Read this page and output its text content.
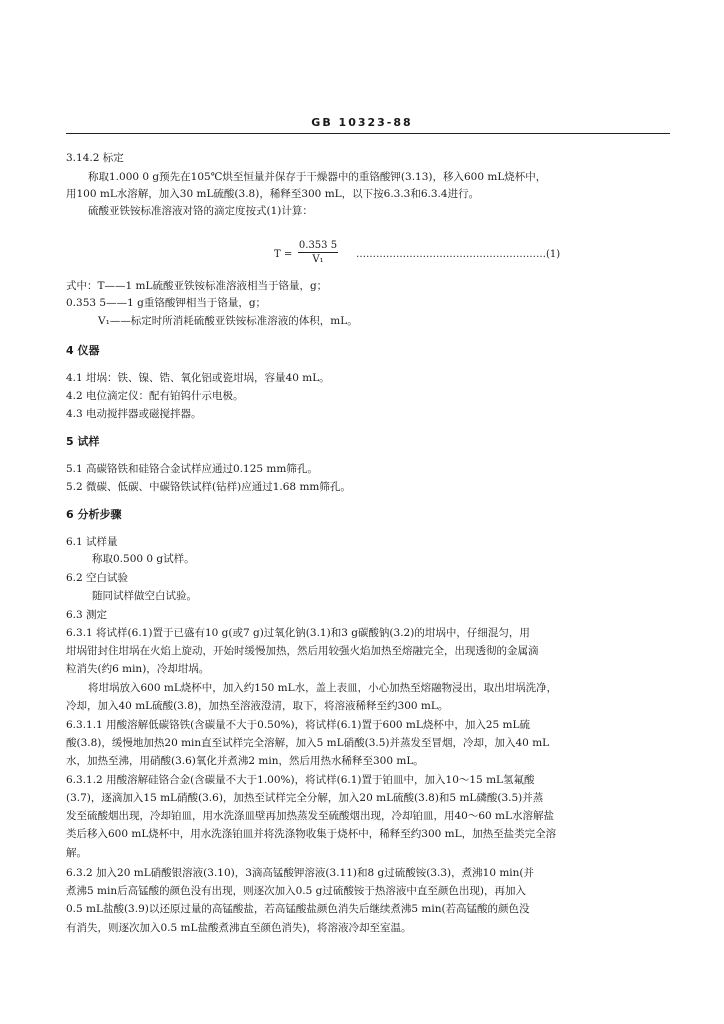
GB 10323-88
3.14.2 标定
称取1.000 0 g预先在105℃烘至恒量并保存于干燥器中的重铬酸钾(3.13)，移入600 mL烧杯中，
用100 mL水溶解，加入30 mL硫酸(3.8)，稀释至300 mL，以下按6.3.3和6.3.4进行。
硫酸亚铁铵标准溶液对铬的滴定度按式(1)计算：
$T = \frac{0.353 5}{\text{V₁}}$ …………………………………………………(1)
式中：T——1 mL硫酸亚铁铵标准溶液相当于铬量，g；
0.353 5——1 g重铬酸钾相当于铬量，g；
V₁——标定时所消耗硫酸亚铁铵标准溶液的体积，mL。
4 仪器
4.1 坩埚：铁、镍、锆、氧化铝或瓷坩埚，容量40 mL。
4.2 电位滴定仪：配有铂钨什示电极。
4.3 电动搅拌器或磁搅拌器。
5 试样
5.1 高碳铬铁和硅铬合金试样应通过0.125 mm筛孔。
5.2 微碳、低碳、中碳铬铁试样(钻样)应通过1.68 mm筛孔。
6 分析步骤
6.1 试样量
称取0.500 0 g试样。
6.2 空白试验
随同试样做空白试验。
6.3 测定
6.3.1 将试样(6.1)置于已盛有10 g(或7 g)过氧化钠(3.1)和3 g碳酸钠(3.2)的坩埚中，仔细混匀，用
坩埚钳封住坩埚在火焰上旋动，开始时缓慢加热，然后用较强火焰加热至熔融完全，出现透彻的金属滴
粒消失(约6 min)，冷却坩埚。
将坩埚放入600 mL烧杯中，加入约150 mL水，盖上表皿，小心加热至熔融物浸出，取出坩埚洗净，
冷却，加入40 mL硫酸(3.8)，加热至溶液澄清，取下，将溶液稀释至约300 mL。
6.3.1.1 用酸溶解低碳铬铁(含碳量不大于0.50%)，将试样(6.1)置于600 mL烧杯中，加入25 mL硫
酸(3.8)，缓慢地加热20 min直至试样完全溶解，加入5 mL硝酸(3.5)并蒸发至冒烟，冷却，加入40 mL
水，加热至沸，用硝酸(3.6)氧化并煮沸2 min，然后用热水稀释至300 mL。
6.3.1.2 用酸溶解硅铬合金(含碳量不大于1.00%)，将试样(6.1)置于铂皿中，加入10～15 mL氢氟酸
(3.7)，逐滴加入15 mL硝酸(3.6)，加热至试样完全分解，加入20 mL硫酸(3.8)和5 mL磷酸(3.5)并蒸
发至硫酸烟出现，冷却铂皿，用水洗涤皿壁再加热蒸发至硫酸烟出现，冷却铂皿，用40～60 mL水溶解盐
类后移入600 mL烧杯中，用水洗涤铂皿并将洗涤物收集于烧杯中，稀释至约300 mL，加热至盐类完全溶
解。
6.3.2 加入20 mL硝酸银溶液(3.10)，3滴高锰酸钾溶液(3.11)和8 g过硫酸铵(3.3)，煮沸10 min(并
煮沸5 min后高锰酸的颜色没有出现，则逐次加入0.5 g过硫酸铵于热溶液中直至颜色出现)，再加入
0.5 mL盐酸(3.9)以还原过量的高锰酸盐，若高锰酸盐颜色消失后继续煮沸5 min(若高锰酸的颜色没
有消失，则逐次加入0.5 mL盐酸煮沸直至颜色消失)，将溶液冷却至室温。
